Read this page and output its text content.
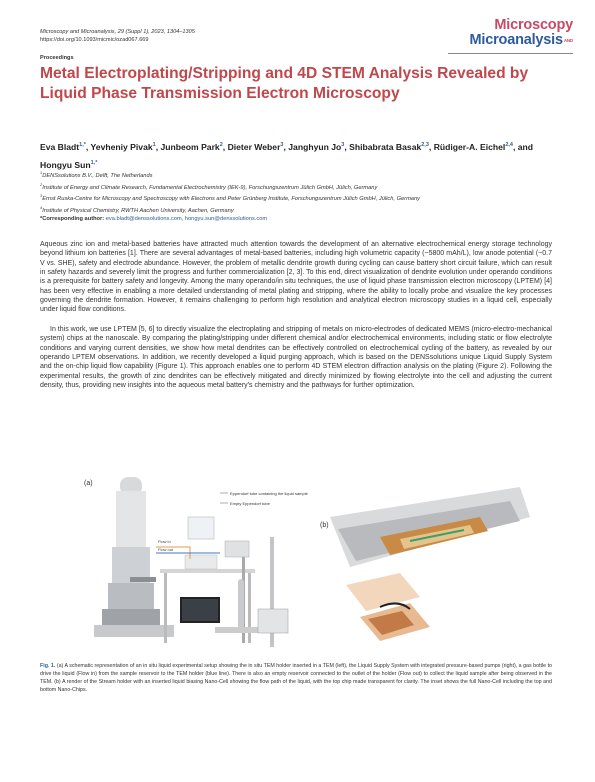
Microscopy and Microanalysis, 29 (Suppl 1), 2023, 1304–1305
https://doi.org/10.1093/micmic/ozad067.669
Microscopy
MicroanalysisAND
Proceedings
Metal Electroplating/Stripping and 4D STEM Analysis Revealed by Liquid Phase Transmission Electron Microscopy
Eva Bladt$^{1,*}$, Yevheniy Pivak$^1$, Junbeom Park$^2$, Dieter Weber$^3$, Janghyun Jo$^3$, Shibabrata Basak$^{2,3}$, Rüdiger-A. Eichel$^{2,4}$, and Hongyu Sun$^{1,*}$
$^1$DENSsolutions B.V., Delft, The Netherlands
$^2$Institute of Energy and Climate Research, Fundamental Electrochemistry (IEK-9), Forschungszentrum Jülich GmbH, Jülich, Germany
$^3$Ernst Ruska-Centre for Microscopy and Spectroscopy with Electrons and Peter Grünberg Institute, Forschungszentrum Jülich GmbH, Jülich, Germany
$^4$Institute of Physical Chemistry, RWTH Aachen University, Aachen, Germany
*Corresponding author: eva.bladt@denssolutions.com, hongyu.sun@denssolutions.com
Aqueous zinc ion and metal-based batteries have attracted much attention towards the development of an alternative electrochemical energy storage technology beyond lithium ion batteries [1]. There are several advantages of metal-based batteries, including high volumetric capacity (~5800 mAh/L), low anode potential (~0.7 V vs. SHE), safety and electrode abundance. However, the problem of metallic dendrite growth during cycling can cause battery short circuit failure, which can result in safety hazards and severely limit the progress and further commercialization [2, 3]. To this end, direct visualization of dendrite evolution under operando conditions is a prerequisite for battery safety and longevity. Among the many operando/in situ techniques, the use of liquid phase transmission electron microscopy (LPTEM) [4] has been very effective in enabling a more detailed understanding of metal plating and stripping, where the ability to locally probe and visualize the key processes governing the dendrite formation. However, it remains challenging to perform high resolution and analytical electron microscopy studies in a liquid cell, especially under liquid flow conditions.
In this work, we use LPTEM [5, 6] to directly visualize the electroplating and stripping of metals on micro-electrodes of dedicated MEMS (micro-electro-mechanical system) chips at the nanoscale. By comparing the plating/stripping under different chemical and/or electrochemical environments, including static or flow electrolyte conditions and varying current densities, we show how metal dendrites can be effectively controlled on electrochemical cycling of the battery, as revealed by our operando LPTEM observations. In addition, we recently developed a liquid purging approach, which is based on the DENSsolutions unique Liquid Supply System and the on-chip liquid flow capability (Figure 1). This approach enables one to perform 4D STEM electron diffraction analysis on the plating (Figure 2). Following the experimental results, the growth of zinc dendrites can be effectively mitigated and directly minimized by flowing electrolyte into the cell and adjusting the current density, thus, providing new insights into the aqueous metal battery's chemistry and the pathways for further optimization.
(a)
Flow in
Flow out
Eppendorf tube containing the liquid sample
Empty Eppendorf tube
(b)
Fig. 1. (a) A schematic representation of an in situ liquid experimental setup showing the in situ TEM holder inserted in a TEM (left), the Liquid Supply System with integrated pressure-based pumps (right), a gas bottle to drive the liquid (Flow in) from the sample reservoir to the TEM holder (blue line). There is also an empty reservoir connected to the outlet of the holder (Flow out) to collect the liquid sample after being observed in the TEM. (b) A render of the Stream holder with an inserted liquid biasing Nano-Cell showing the flow path of the liquid, with the top chip made transparent for clarity. The inset shows the full Nano-Cell including the top and bottom Nano-Chips.
